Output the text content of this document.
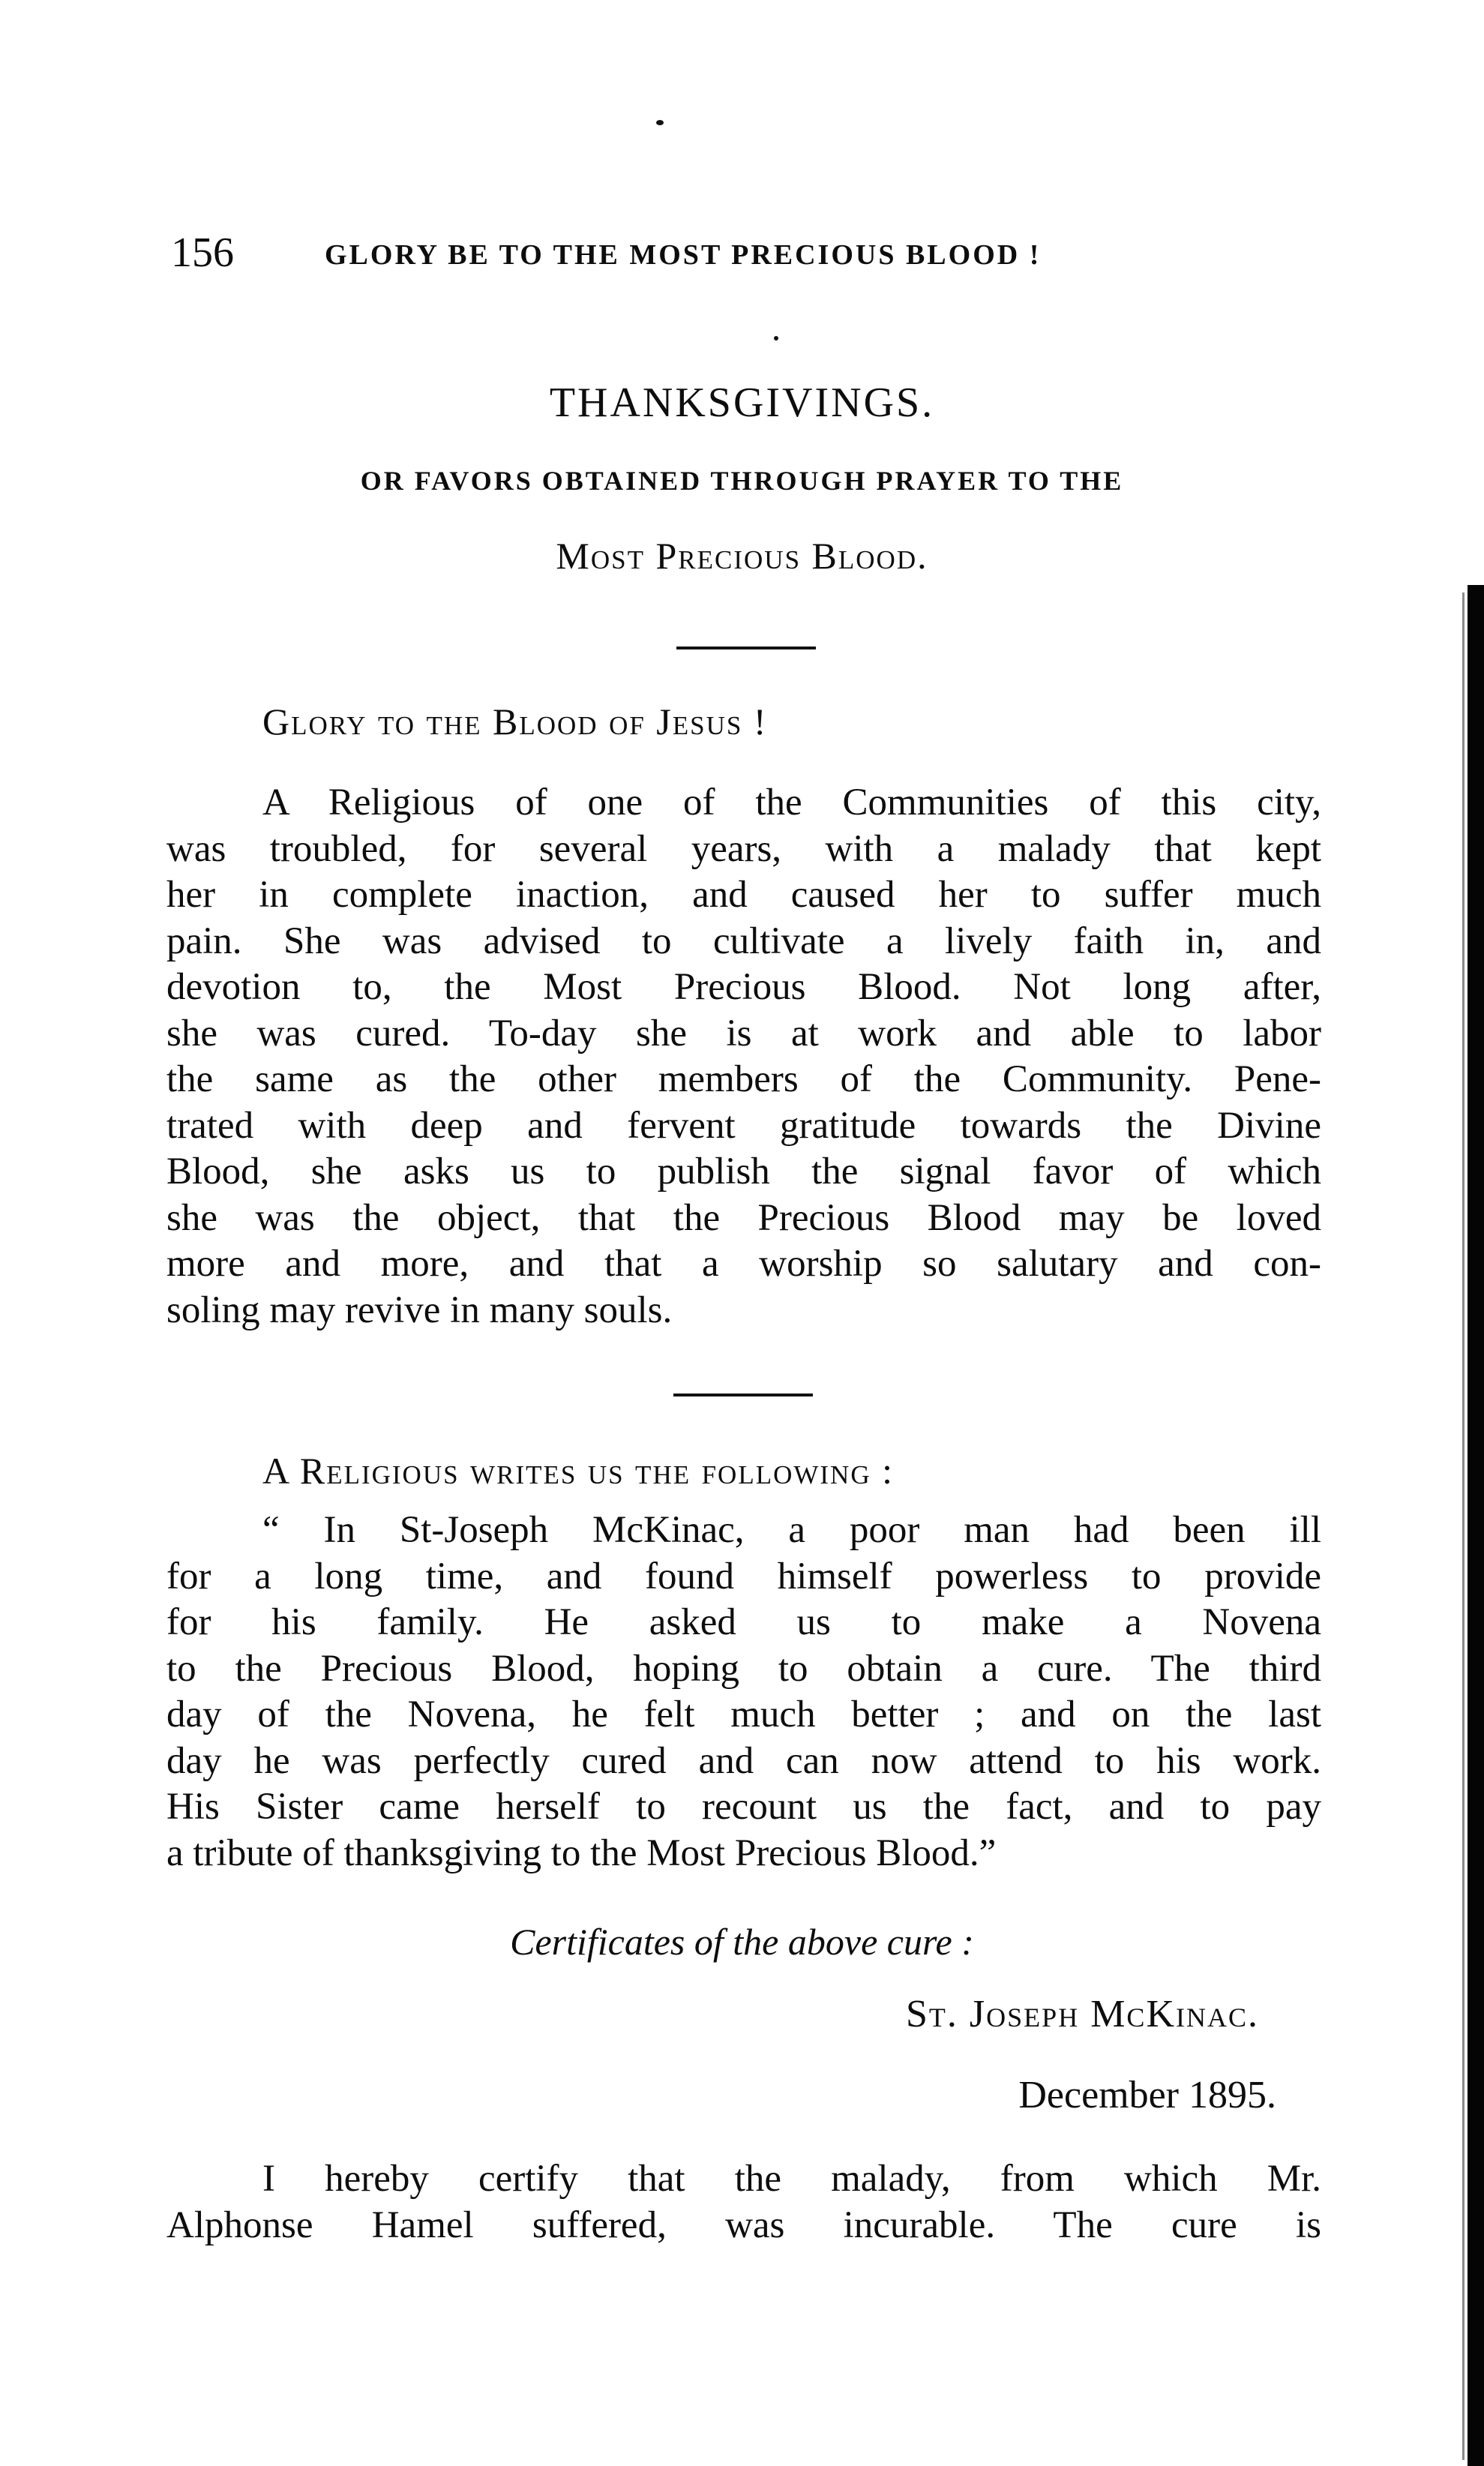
156	GLORY BE TO THE MOST PRECIOUS BLOOD !
THANKSGIVINGS.
OR FAVORS OBTAINED THROUGH PRAYER TO THE
Most Precious Blood.
Glory to the Blood of Jesus !
A Religious of one of the Communities of this city,
was troubled, for several years, with a malady that kept
her in complete inaction, and caused her to suffer much
pain. She was advised to cultivate a lively faith in, and
devotion to, the Most Precious Blood. Not long after,
she was cured. To-day she is at work and able to labor
the same as the other members of the Community. Pene-
trated with deep and fervent gratitude towards the Divine
Blood, she asks us to publish the signal favor of which
she was the object, that the Precious Blood may be loved
more and more, and that a worship so salutary and con-
soling may revive in many souls.
A Religious writes us the following :
“ In St-Joseph McKinac, a poor man had been ill
for a long time, and found himself powerless to provide
for his family. He asked us to make a Novena
to the Precious Blood, hoping to obtain a cure. The third
day of the Novena, he felt much better ; and on the last
day he was perfectly cured and can now attend to his work.
His Sister came herself to recount us the fact, and to pay
a tribute of thanksgiving to the Most Precious Blood.”
Certificates of the above cure :
St. Joseph McKinac.
December 1895.
I hereby certify that the malady, from which Mr.
Alphonse Hamel suffered, was incurable. The cure is
